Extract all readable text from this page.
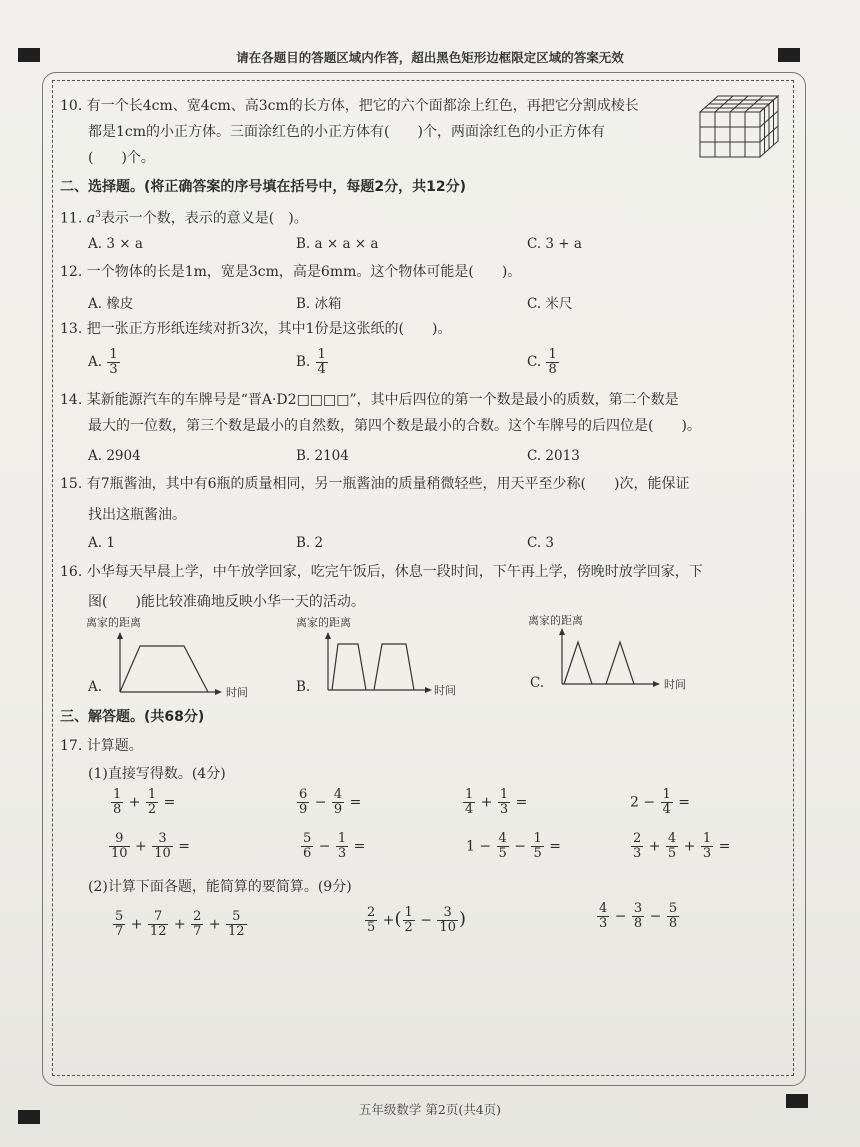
请在各题目的答题区域内作答，超出黑色矩形边框限定区域的答案无效
10. 有一个长4cm、宽4cm、高3cm的长方体，把它的六个面都涂上红色，再把它分割成棱长
都是1cm的小正方体。三面涂红色的小正方体有(　　)个，两面涂红色的小正方体有
(　　)个。
二、选择题。(将正确答案的序号填在括号中，每题2分，共12分)
11. $a^3$表示一个数，表示的意义是(　)。
A. 3 × a	B. a × a × a	C. 3 + a
12. 一个物体的长是1m，宽是3cm，高是6mm。这个物体可能是(　　)。
A. 橡皮	B. 冰箱	C. 米尺
13. 把一张正方形纸连续对折3次，其中1份是这张纸的(　　)。
A. $\frac{1}{3}$	B. $\frac{1}{4}$	C. $\frac{1}{8}$
14. 某新能源汽车的车牌号是“晋A·D2□□□□”，其中后四位的第一个数是最小的质数，第二个数是
最大的一位数，第三个数是最小的自然数，第四个数是最小的合数。这个车牌号的后四位是(　　)。
A. 2904	B. 2104	C. 2013
15. 有7瓶酱油，其中有6瓶的质量相同，另一瓶酱油的质量稍微轻些，用天平至少称(　　)次，能保证
找出这瓶酱油。
A. 1	B. 2	C. 3
16. 小华每天早晨上学，中午放学回家，吃完午饭后，休息一段时间，下午再上学，傍晚时放学回家，下
图(　　)能比较准确地反映小华一天的活动。
A.
离家的距离
时间	B.
离家的距离
时间	C.
离家的距离
时间
三、解答题。(共68分)
17. 计算题。
(1)直接写得数。(4分)
$\frac{1}{8} + \frac{1}{2}$ =	$\frac{6}{9} - \frac{4}{9}$ =	$\frac{1}{4} + \frac{1}{3}$ =	$2 - \frac{1}{4}$ =
$\frac{9}{10} + \frac{3}{10}$ =	$\frac{5}{6} - \frac{1}{3}$ =	$1 - \frac{4}{5} - \frac{1}{5}$ =	$\frac{2}{3} + \frac{4}{5} + \frac{1}{3}$ =
(2)计算下面各题，能简算的要简算。(9分)
$\frac{5}{7} + \frac{7}{12} + \frac{2}{7} + \frac{5}{12}$	$\frac{2}{5}$ +( $\frac{1}{2} - \frac{3}{10}$ )	$\frac{4}{3} - \frac{3}{8} - \frac{5}{8}$
五年级数学 第2页(共4页)
